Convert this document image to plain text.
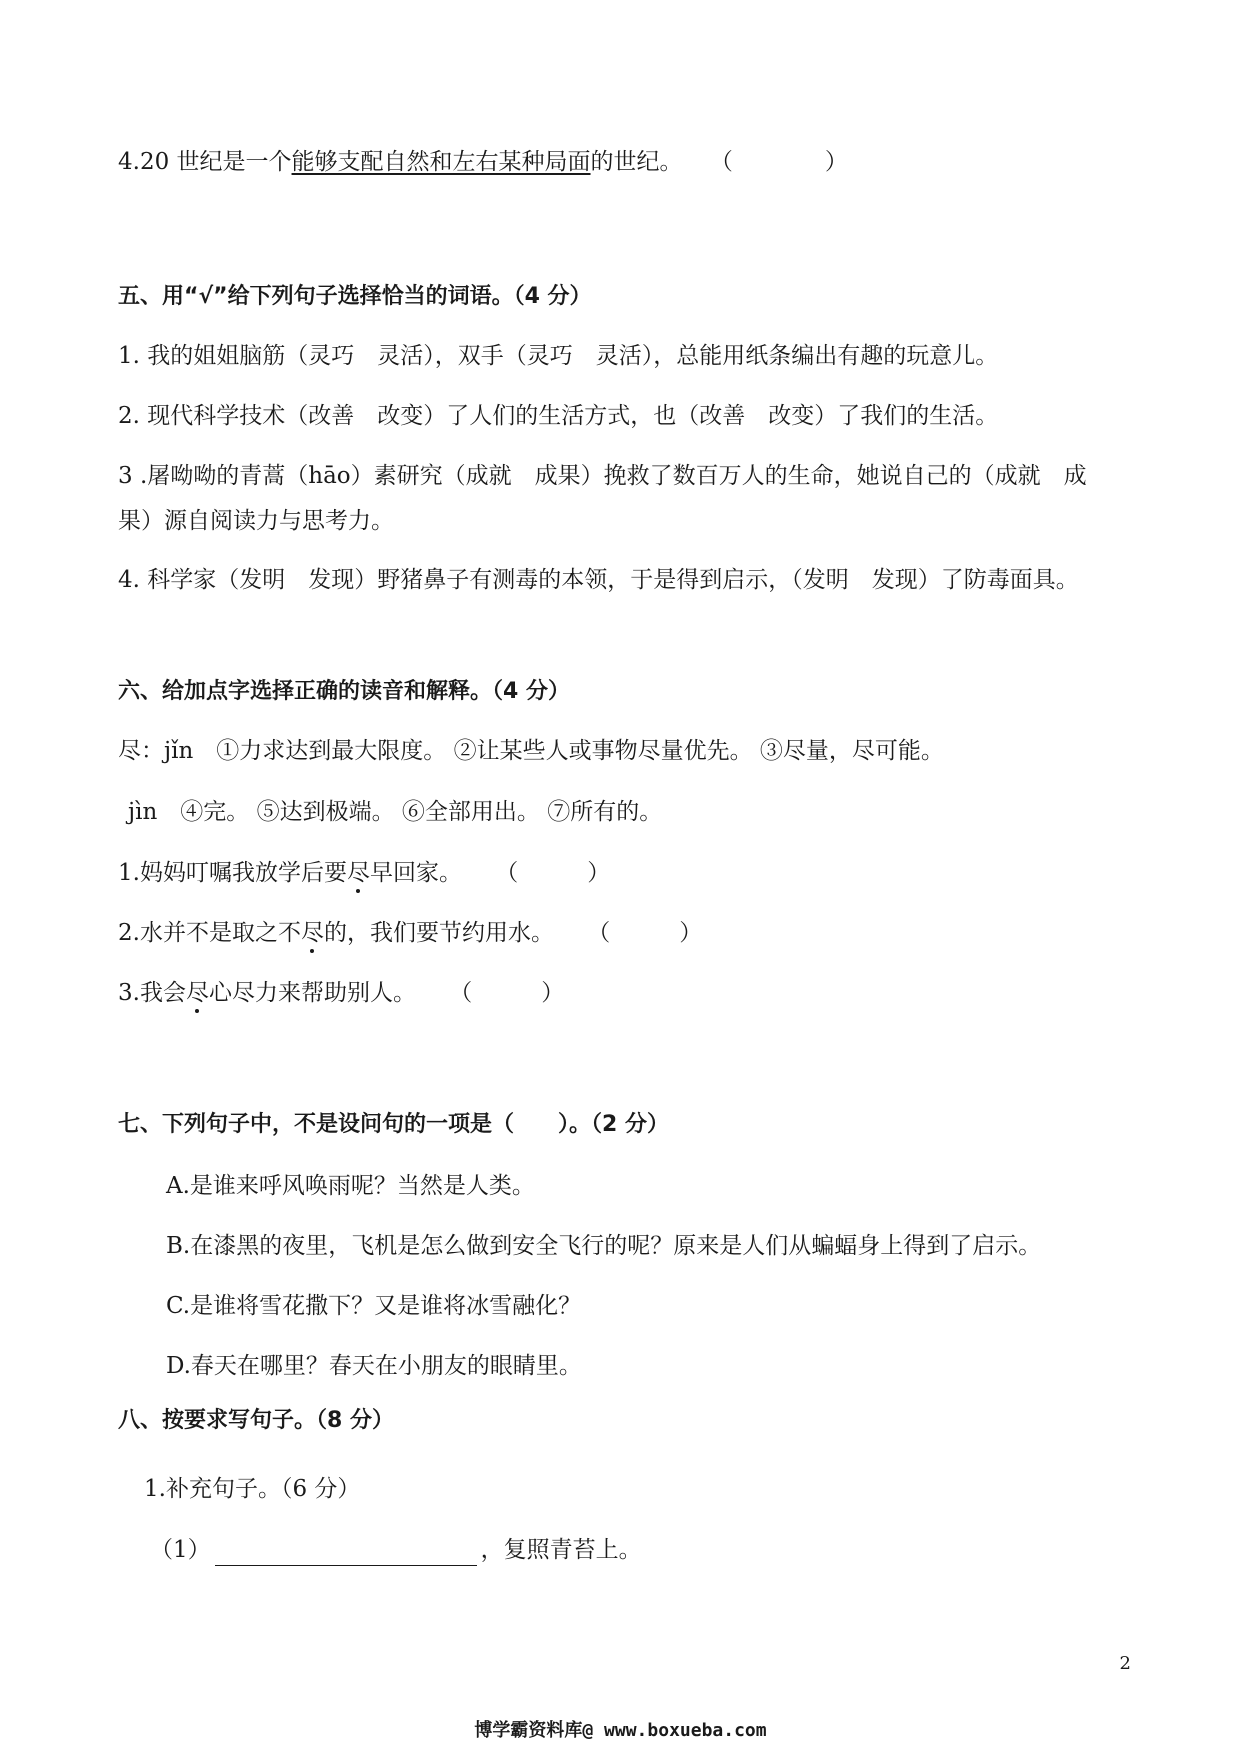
4.20 世纪是一个能够支配自然和左右某种局面的世纪。 （　　　　）
五、用“√”给下列句子选择恰当的词语。（4 分）
1. 我的姐姐脑筋（灵巧　灵活），双手（灵巧　灵活），总能用纸条编出有趣的玩意儿。
2. 现代科学技术（改善　改变）了人们的生活方式，也（改善　改变）了我们的生活。
3 .屠呦呦的青蒿（hāo）素研究（成就　成果）挽救了数百万人的生命，她说自己的（成就　成
果）源自阅读力与思考力。
4. 科学家（发明　发现）野猪鼻子有测毒的本领，于是得到启示，（发明　发现）了防毒面具。
六、给加点字选择正确的读音和解释。（4 分）
尽：jǐn　①力求达到最大限度。 ②让某些人或事物尽量优先。 ③尽量，尽可能。
jìn　④完。 ⑤达到极端。 ⑥全部用出。 ⑦所有的。
1.妈妈叮嘱我放学后要尽早回家。 （　　　）
2.水并不是取之不尽的，我们要节约用水。 （　　　）
3.我会尽心尽力来帮助别人。 （　　　）
七、下列句子中，不是设问句的一项是（　　）。（2 分）
A.是谁来呼风唤雨呢？当然是人类。
B.在漆黑的夜里，飞机是怎么做到安全飞行的呢？原来是人们从蝙蝠身上得到了启示。
C.是谁将雪花撒下？又是谁将冰雪融化？
D.春天在哪里？春天在小朋友的眼睛里。
八、按要求写句子。（8 分）
1.补充句子。（6 分）
（1）	，复照青苔上。
2
博学霸资料库@ www.boxueba.com
